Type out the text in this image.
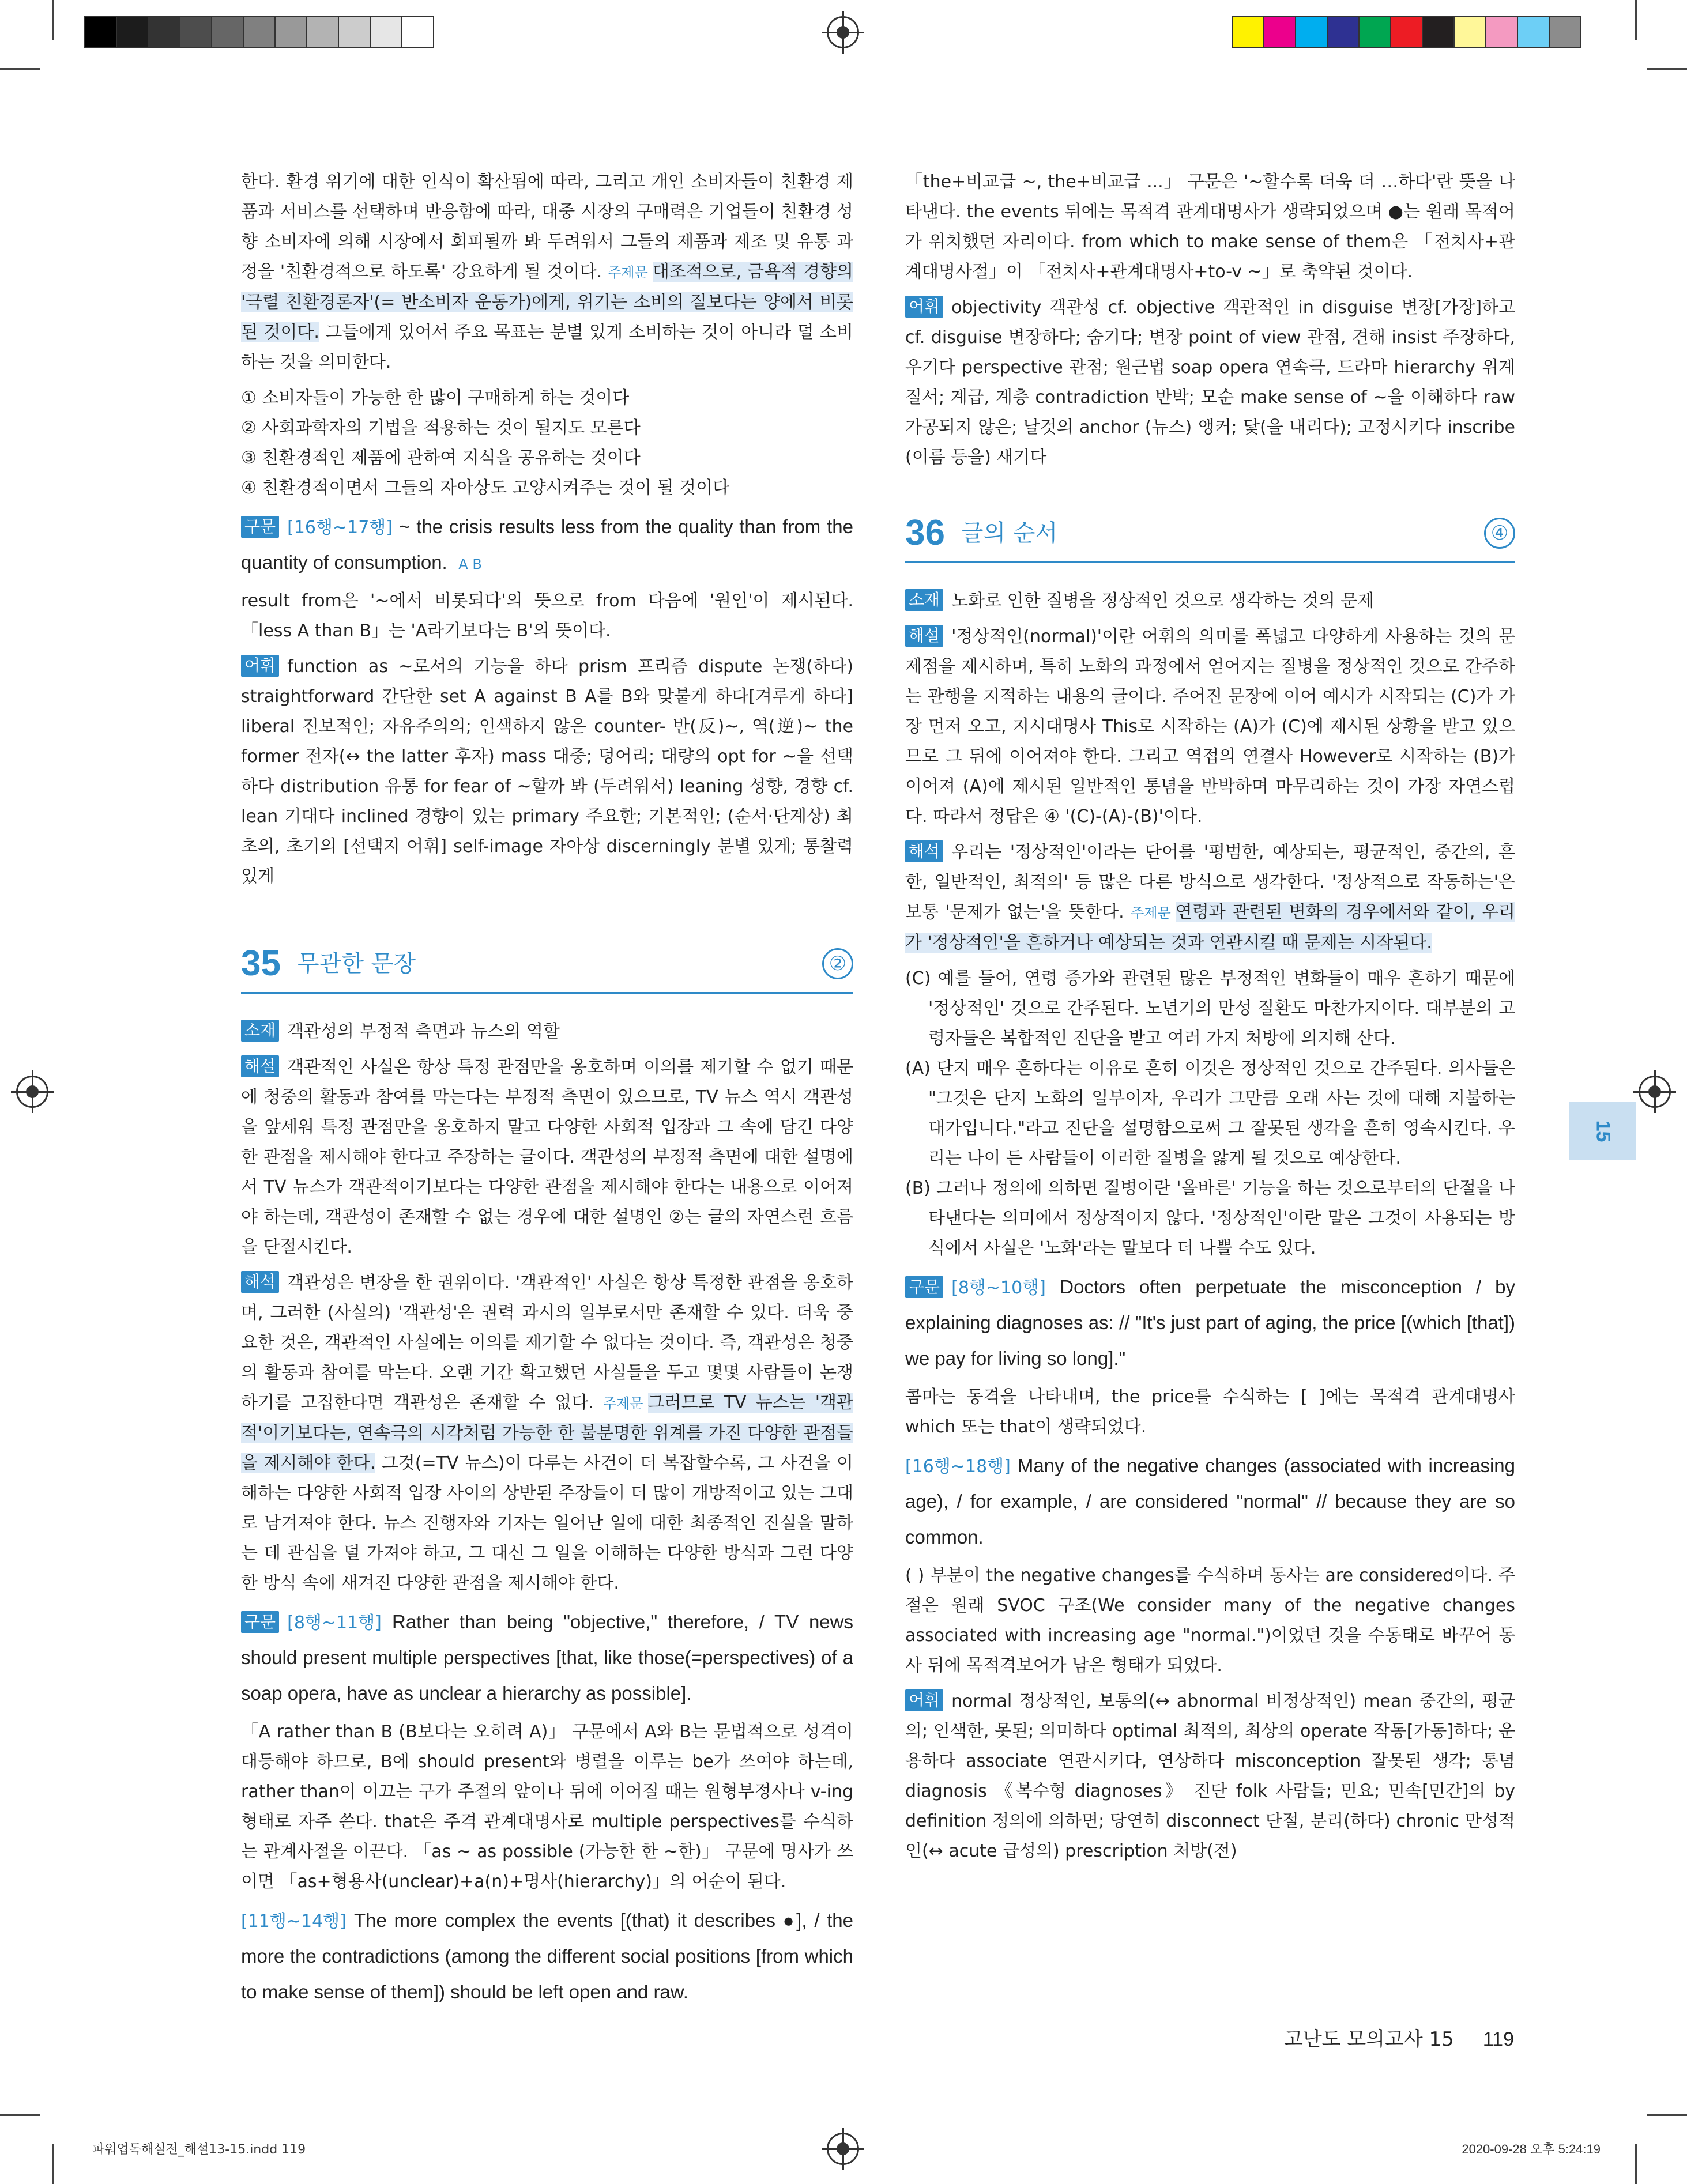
한다. 환경 위기에 대한 인식이 확산됨에 따라, 그리고 개인 소비자들이 친환경 제품과 서비스를 선택하며 반응함에 따라, 대중 시장의 구매력은 기업들이 친환경 성향 소비자에 의해 시장에서 회피될까 봐 두려워서 그들의 제품과 제조 및 유통 과정을 '친환경적으로 하도록' 강요하게 될 것이다. 주제문 대조적으로, 금욕적 경향의 '극렬 친환경론자'(= 반소비자 운동가)에게, 위기는 소비의 질보다는 양에서 비롯된 것이다. 그들에게 있어서 주요 목표는 분별 있게 소비하는 것이 아니라 덜 소비하는 것을 의미한다.

① 소비자들이 가능한 한 많이 구매하게 하는 것이다

② 사회과학자의 기법을 적용하는 것이 될지도 모른다

③ 친환경적인 제품에 관하여 지식을 공유하는 것이다

④ 친환경적이면서 그들의 자아상도 고양시켜주는 것이 될 것이다

구문 [16행~17행] ~ the crisis results less from the quality than from the quantity of consumption. A B

result from은 '~에서 비롯되다'의 뜻으로 from 다음에 '원인'이 제시된다. 「less A than B」는 'A라기보다는 B'의 뜻이다.

어휘 function as ~로서의 기능을 하다 prism 프리즘 dispute 논쟁(하다) straightforward 간단한 set A against B A를 B와 맞붙게 하다[겨루게 하다] liberal 진보적인; 자유주의의; 인색하지 않은 counter- 반(反)~, 역(逆)~ the former 전자(↔ the latter 후자) mass 대중; 덩어리; 대량의 opt for ~을 선택하다 distribution 유통 for fear of ~할까 봐 (두려워서) leaning 성향, 경향 cf. lean 기대다 inclined 경향이 있는 primary 주요한; 기본적인; (순서·단계상) 최초의, 초기의 [선택지 어휘] self-image 자아상 discerningly 분별 있게; 통찰력 있게

35 무관한 문장	②

소재 객관성의 부정적 측면과 뉴스의 역할

해설 객관적인 사실은 항상 특정 관점만을 옹호하며 이의를 제기할 수 없기 때문에 청중의 활동과 참여를 막는다는 부정적 측면이 있으므로, TV 뉴스 역시 객관성을 앞세워 특정 관점만을 옹호하지 말고 다양한 사회적 입장과 그 속에 담긴 다양한 관점을 제시해야 한다고 주장하는 글이다. 객관성의 부정적 측면에 대한 설명에서 TV 뉴스가 객관적이기보다는 다양한 관점을 제시해야 한다는 내용으로 이어져야 하는데, 객관성이 존재할 수 없는 경우에 대한 설명인 ②는 글의 자연스런 흐름을 단절시킨다.

해석 객관성은 변장을 한 권위이다. '객관적인' 사실은 항상 특정한 관점을 옹호하며, 그러한 (사실의) '객관성'은 권력 과시의 일부로서만 존재할 수 있다. 더욱 중요한 것은, 객관적인 사실에는 이의를 제기할 수 없다는 것이다. 즉, 객관성은 청중의 활동과 참여를 막는다. 오랜 기간 확고했던 사실들을 두고 몇몇 사람들이 논쟁하기를 고집한다면 객관성은 존재할 수 없다. 주제문 그러므로 TV 뉴스는 '객관적'이기보다는, 연속극의 시각처럼 가능한 한 불분명한 위계를 가진 다양한 관점들을 제시해야 한다. 그것(=TV 뉴스)이 다루는 사건이 더 복잡할수록, 그 사건을 이해하는 다양한 사회적 입장 사이의 상반된 주장들이 더 많이 개방적이고 있는 그대로 남겨져야 한다. 뉴스 진행자와 기자는 일어난 일에 대한 최종적인 진실을 말하는 데 관심을 덜 가져야 하고, 그 대신 그 일을 이해하는 다양한 방식과 그런 다양한 방식 속에 새겨진 다양한 관점을 제시해야 한다.

구문 [8행~11행] Rather than being "objective," therefore, / TV news should present multiple perspectives [that, like those(=perspectives) of a soap opera, have as unclear a hierarchy as possible].

「A rather than B (B보다는 오히려 A)」 구문에서 A와 B는 문법적으로 성격이 대등해야 하므로, B에 should present와 병렬을 이루는 be가 쓰여야 하는데, rather than이 이끄는 구가 주절의 앞이나 뒤에 이어질 때는 원형부정사나 v-ing 형태로 자주 쓴다. that은 주격 관계대명사로 multiple perspectives를 수식하는 관계사절을 이끈다. 「as ~ as possible (가능한 한 ~한)」 구문에 명사가 쓰이면 「as+형용사(unclear)+a(n)+명사(hierarchy)」의 어순이 된다.

[11행~14행] The more complex the events [(that) it describes ●], / the more the contradictions (among the different social positions [from which to make sense of them]) should be left open and raw.

「the+비교급 ~, the+비교급 ...」 구문은 '~할수록 더욱 더 …하다'란 뜻을 나타낸다. the events 뒤에는 목적격 관계대명사가 생략되었으며 ●는 원래 목적어가 위치했던 자리이다. from which to make sense of them은 「전치사+관계대명사절」이 「전치사+관계대명사+to-v ~」로 축약된 것이다.

어휘 objectivity 객관성 cf. objective 객관적인 in disguise 변장[가장]하고 cf. disguise 변장하다; 숨기다; 변장 point of view 관점, 견해 insist 주장하다, 우기다 perspective 관점; 원근법 soap opera 연속극, 드라마 hierarchy 위계질서; 계급, 계층 contradiction 반박; 모순 make sense of ~을 이해하다 raw 가공되지 않은; 날것의 anchor (뉴스) 앵커; 닻(을 내리다); 고정시키다 inscribe (이름 등을) 새기다

36 글의 순서	④

소재 노화로 인한 질병을 정상적인 것으로 생각하는 것의 문제

해설 '정상적인(normal)'이란 어휘의 의미를 폭넓고 다양하게 사용하는 것의 문제점을 제시하며, 특히 노화의 과정에서 얻어지는 질병을 정상적인 것으로 간주하는 관행을 지적하는 내용의 글이다. 주어진 문장에 이어 예시가 시작되는 (C)가 가장 먼저 오고, 지시대명사 This로 시작하는 (A)가 (C)에 제시된 상황을 받고 있으므로 그 뒤에 이어져야 한다. 그리고 역접의 연결사 However로 시작하는 (B)가 이어져 (A)에 제시된 일반적인 통념을 반박하며 마무리하는 것이 가장 자연스럽다. 따라서 정답은 ④ '(C)-(A)-(B)'이다.

해석 우리는 '정상적인'이라는 단어를 '평범한, 예상되는, 평균적인, 중간의, 흔한, 일반적인, 최적의' 등 많은 다른 방식으로 생각한다. '정상적으로 작동하는'은 보통 '문제가 없는'을 뜻한다. 주제문 연령과 관련된 변화의 경우에서와 같이, 우리가 '정상적인'을 흔하거나 예상되는 것과 연관시킬 때 문제는 시작된다.

(C) 예를 들어, 연령 증가와 관련된 많은 부정적인 변화들이 매우 흔하기 때문에 '정상적인' 것으로 간주된다. 노년기의 만성 질환도 마찬가지이다. 대부분의 고령자들은 복합적인 진단을 받고 여러 가지 처방에 의지해 산다.

(A) 단지 매우 흔하다는 이유로 흔히 이것은 정상적인 것으로 간주된다. 의사들은 "그것은 단지 노화의 일부이자, 우리가 그만큼 오래 사는 것에 대해 지불하는 대가입니다."라고 진단을 설명함으로써 그 잘못된 생각을 흔히 영속시킨다. 우리는 나이 든 사람들이 이러한 질병을 앓게 될 것으로 예상한다.

(B) 그러나 정의에 의하면 질병이란 '올바른' 기능을 하는 것으로부터의 단절을 나타낸다는 의미에서 정상적이지 않다. '정상적인'이란 말은 그것이 사용되는 방식에서 사실은 '노화'라는 말보다 더 나쁠 수도 있다.

구문 [8행~10행] Doctors often perpetuate the misconception / by explaining diagnoses as: // "It's just part of aging, the price [(which [that]) we pay for living so long]."

콤마는 동격을 나타내며, the price를 수식하는 [ ]에는 목적격 관계대명사 which 또는 that이 생략되었다.

[16행~18행] Many of the negative changes (associated with increasing age), / for example, / are considered "normal" // because they are so common.

( ) 부분이 the negative changes를 수식하며 동사는 are considered이다. 주절은 원래 SVOC 구조(We consider many of the negative changes associated with increasing age "normal.")이었던 것을 수동태로 바꾸어 동사 뒤에 목적격보어가 남은 형태가 되었다.

어휘 normal 정상적인, 보통의(↔ abnormal 비정상적인) mean 중간의, 평균의; 인색한, 못된; 의미하다 optimal 최적의, 최상의 operate 작동[가동]하다; 운용하다 associate 연관시키다, 연상하다 misconception 잘못된 생각; 통념 diagnosis 《복수형 diagnoses》 진단 folk 사람들; 민요; 민속[민간]의 by definition 정의에 의하면; 당연히 disconnect 단절, 분리(하다) chronic 만성적인(↔ acute 급성의) prescription 처방(전)

15
고난도 모의고사 15 119
파워업독해실전_해설13-15.indd 119	2020-09-28 오후 5:24:19
